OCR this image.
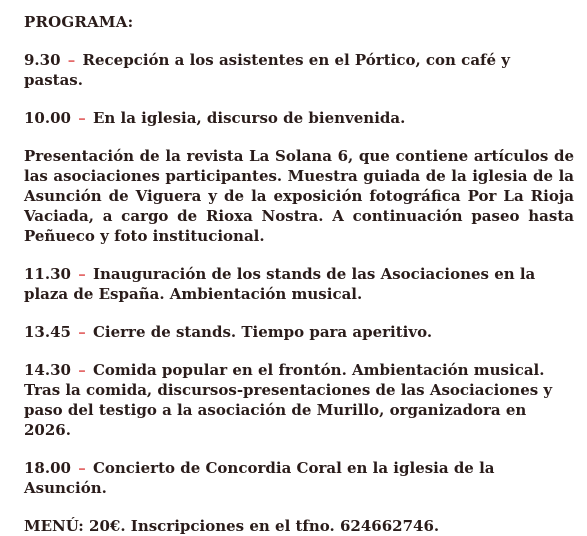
PROGRAMA:
9.30 – Recepción a los asistentes en el Pórtico, con café y pastas.
10.00 – En la iglesia, discurso de bienvenida.
Presentación de la revista La Solana 6, que contiene artículos de las asociaciones participantes. Muestra guiada de la iglesia de la Asunción de Viguera y de la exposición fotográfica Por La Rioja Vaciada, a cargo de Rioxa Nostra. A continuación paseo hasta Peñueco y foto institucional.
11.30 – Inauguración de los stands de las Asociaciones en la plaza de España. Ambientación musical.
13.45 – Cierre de stands. Tiempo para aperitivo.
14.30 – Comida popular en el frontón. Ambientación musical.
Tras la comida, discursos-presentaciones de las Asociaciones y paso del testigo a la asociación de Murillo, organizadora en 2026.
18.00 – Concierto de Concordia Coral en la iglesia de la Asunción.
MENÚ: 20€. Inscripciones en el tfno. 624662746.
